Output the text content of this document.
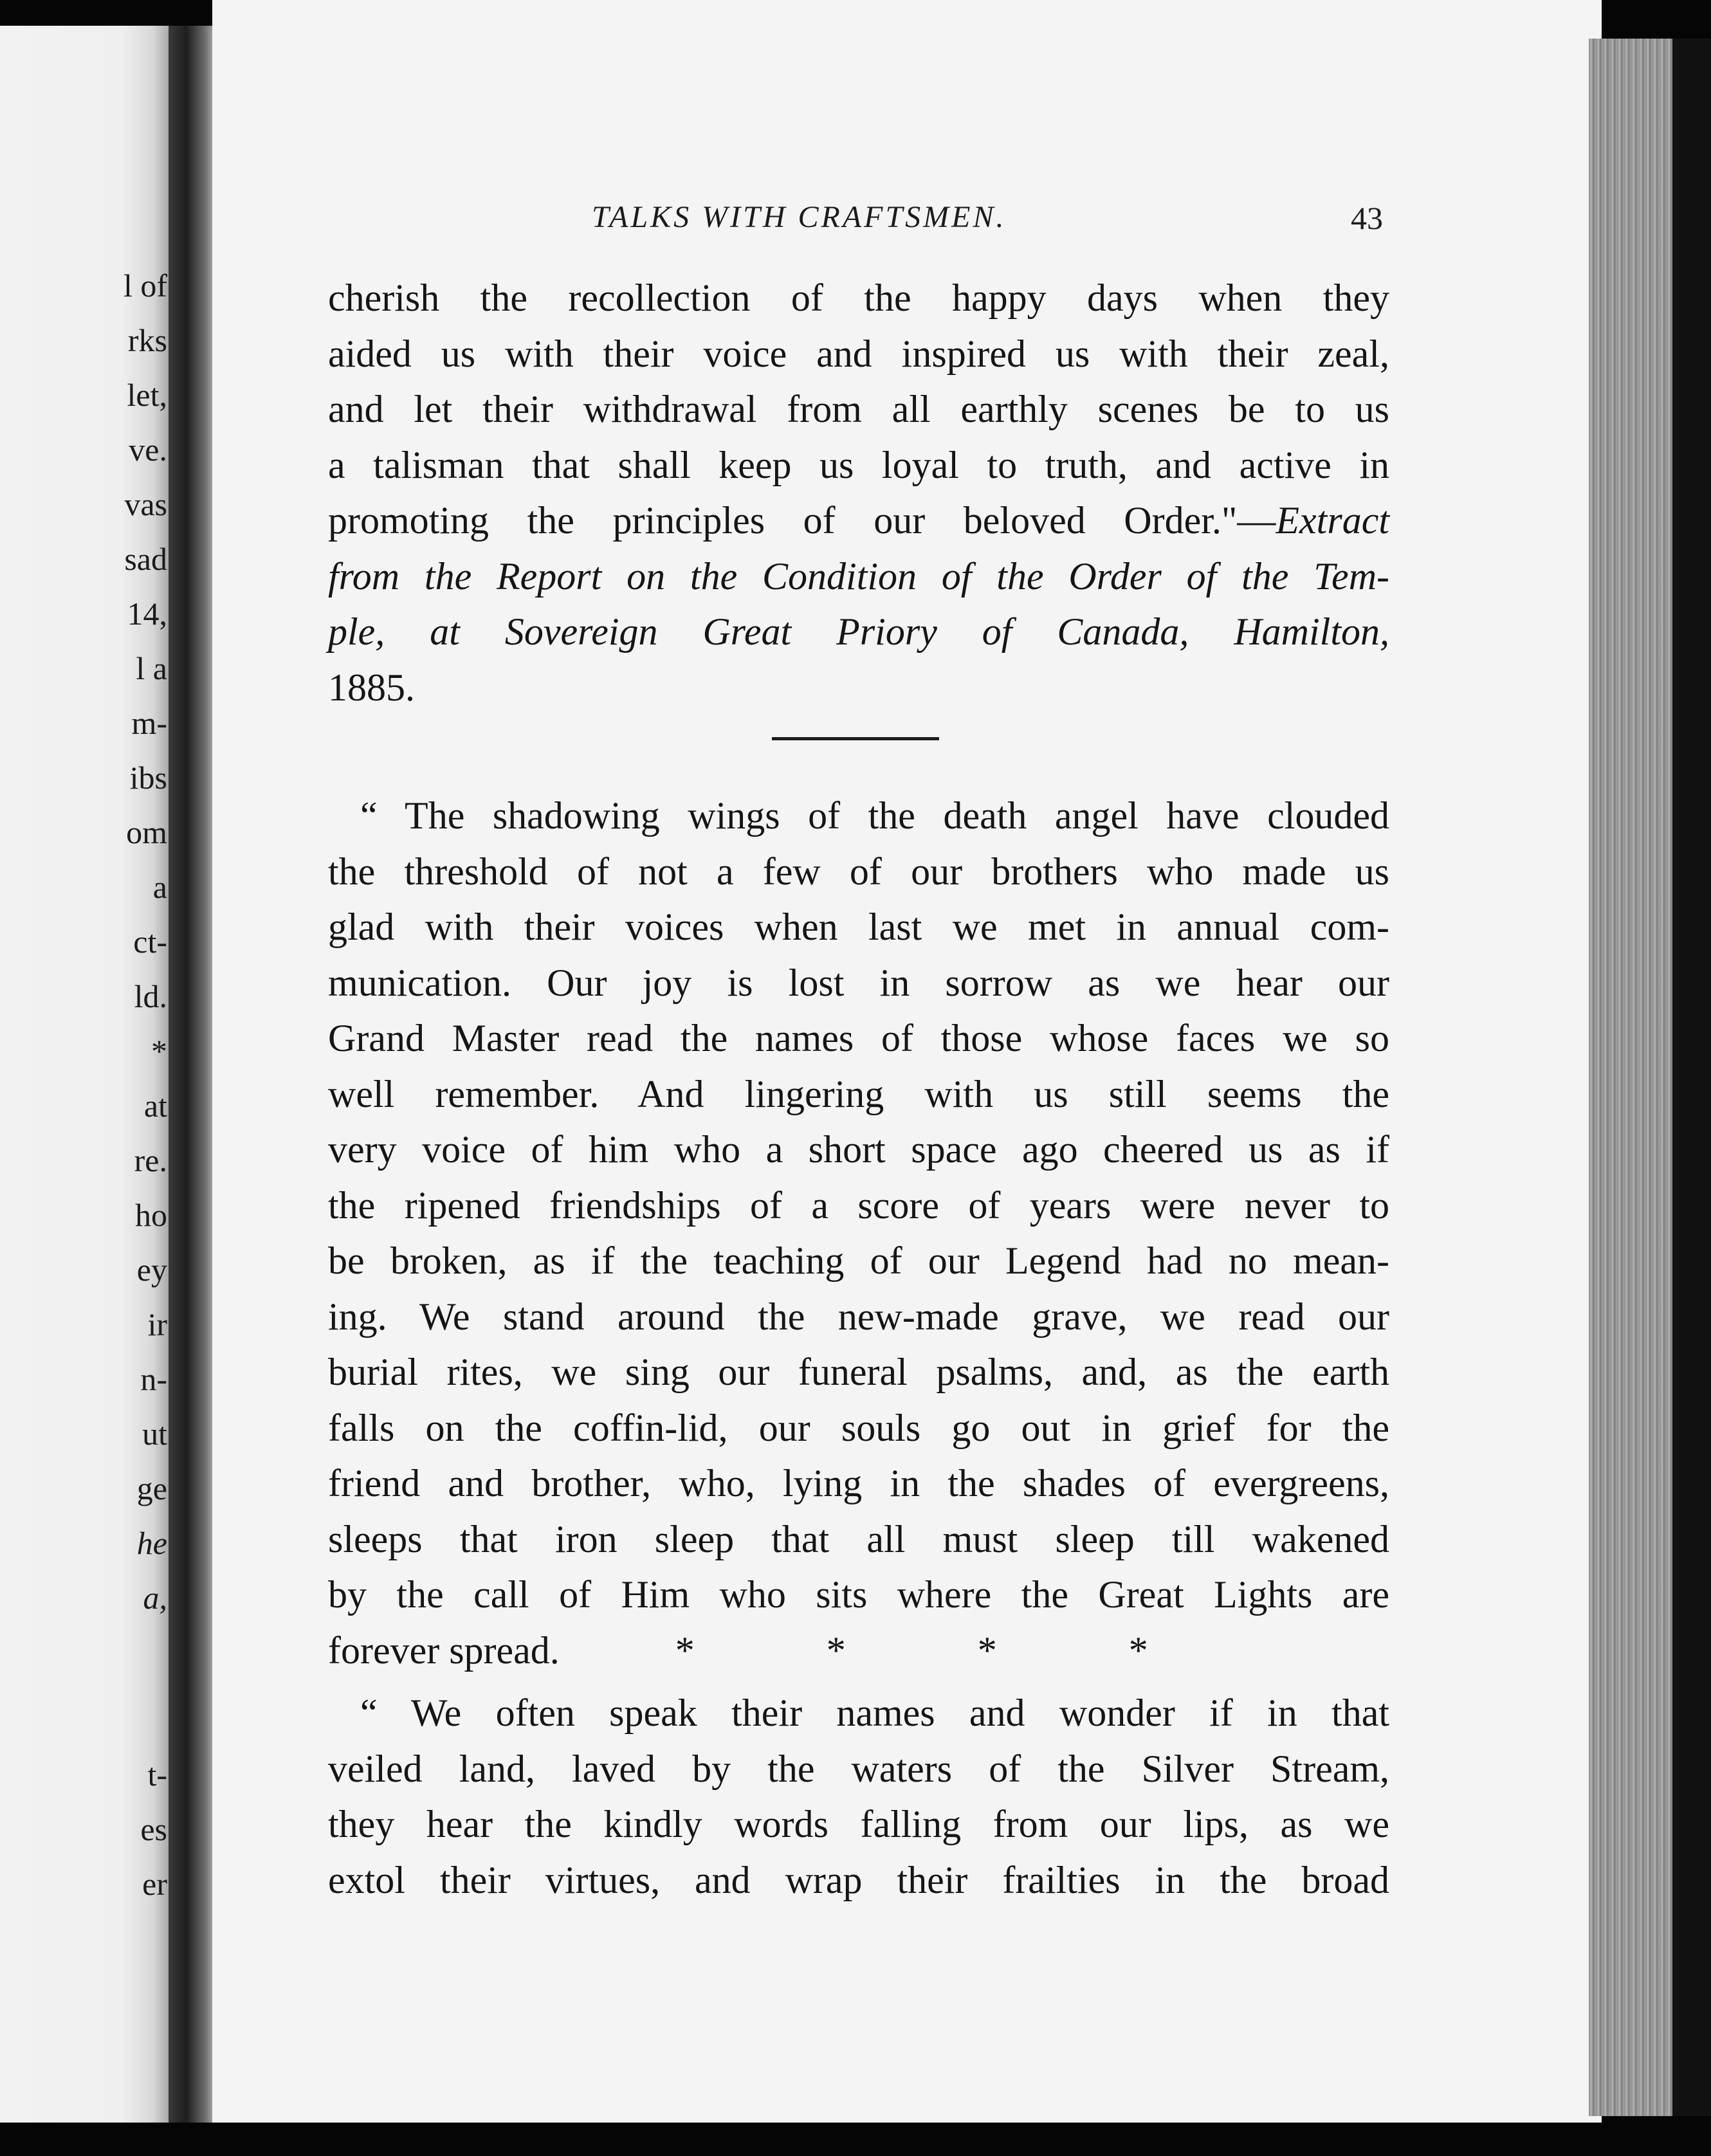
l of
rks
let,
ve.
vas
sad
14,
l a
m-
ibs
om
a
ct-
ld.
*
at
re.
ho
ey
ir
n-
ut
ge
he
a,
t-
es
er
TALKS WITH CRAFTSMEN.	43
cherish the recollection of the happy days when they
aided us with their voice and inspired us with their zeal,
and let their withdrawal from all earthly scenes be to us
a talisman that shall keep us loyal to truth, and active in
promoting the principles of our beloved Order."—Extract
from the Report on the Condition of the Order of the Tem-
ple, at Sovereign Great Priory of Canada, Hamilton,
1885.
“ The shadowing wings of the death angel have clouded
the threshold of not a few of our brothers who made us
glad with their voices when last we met in annual com-
munication. Our joy is lost in sorrow as we hear our
Grand Master read the names of those whose faces we so
well remember. And lingering with us still seems the
very voice of him who a short space ago cheered us as if
the ripened friendships of a score of years were never to
be broken, as if the teaching of our Legend had no mean-
ing. We stand around the new-made grave, we read our
burial rites, we sing our funeral psalms, and, as the earth
falls on the coffin-lid, our souls go out in grief for the
friend and brother, who, lying in the shades of evergreens,
sleeps that iron sleep that all must sleep till wakened
by the call of Him who sits where the Great Lights are
forever spread.	* * * *
“ We often speak their names and wonder if in that
veiled land, laved by the waters of the Silver Stream,
they hear the kindly words falling from our lips, as we
extol their virtues, and wrap their frailties in the broad
